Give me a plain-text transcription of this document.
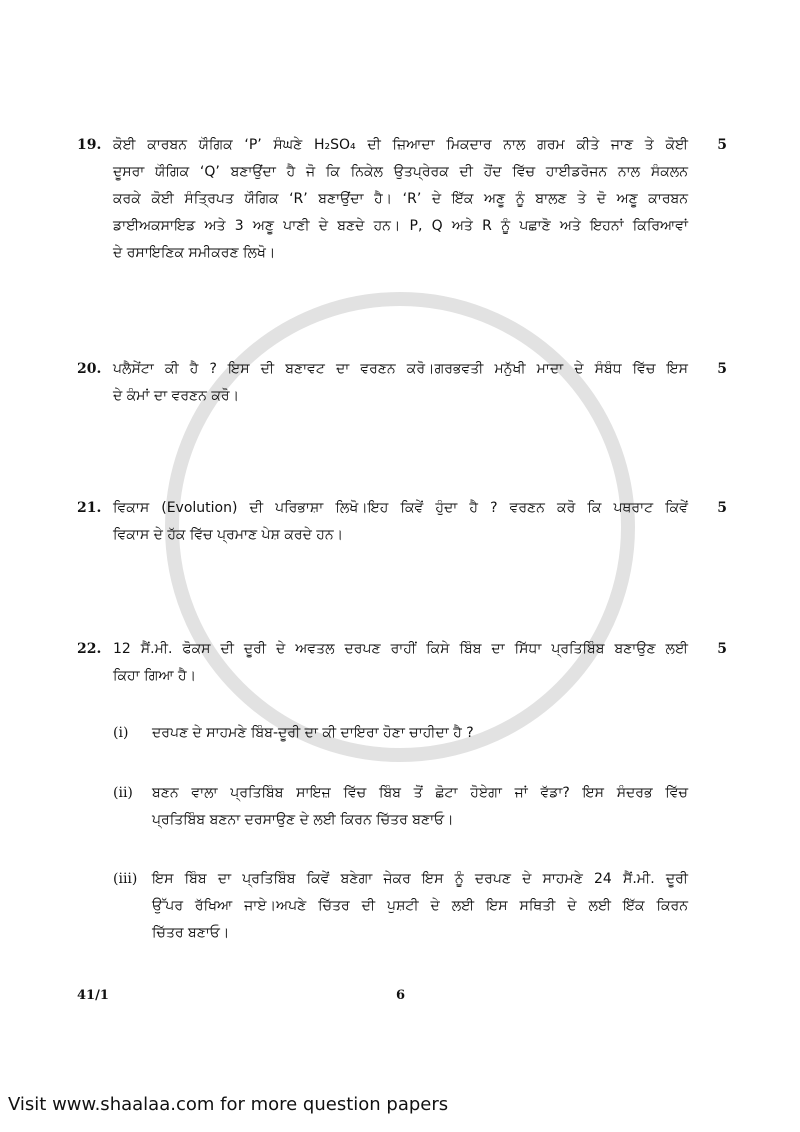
19. ਕੋਈ ਕਾਰਬਨ ਯੌਗਿਕ ‘P’ ਸੰਘਣੇ H₂SO₄ ਦੀ ਜ਼ਿਆਦਾ ਮਿਕਦਾਰ ਨਾਲ ਗਰਮ ਕੀਤੇ ਜਾਣ ਤੇ ਕੋਈ
ਦੂਸਰਾ ਯੌਗਿਕ ‘Q’ ਬਣਾਉਂਦਾ ਹੈ ਜੋ ਕਿ ਨਿਕੇਲ ਉਤਪ੍ਰੇਰਕ ਦੀ ਹੋਂਦ ਵਿੱਚ ਹਾਈਡਰੋਜਨ ਨਾਲ ਸੰਕਲਨ
ਕਰਕੇ ਕੋਈ ਸੰਤ੍ਰਿਪਤ ਯੌਗਿਕ ‘R’ ਬਣਾਉਂਦਾ ਹੈ। ‘R’ ਦੇ ਇੱਕ ਅਣੂ ਨੂੰ ਬਾਲਣ ਤੇ ਦੋ ਅਣੂ ਕਾਰਬਨ
ਡਾਈਅਕਸਾਇਡ ਅਤੇ 3 ਅਣੂ ਪਾਣੀ ਦੇ ਬਣਦੇ ਹਨ। P, Q ਅਤੇ R ਨੂੰ ਪਛਾਣੋ ਅਤੇ ਇਹਨਾਂ ਕਿਰਿਆਵਾਂ
ਦੇ ਰਸਾਇਣਿਕ ਸਮੀਕਰਣ ਲਿਖੋ।
5
20. ਪਲੈਸੇਂਟਾ ਕੀ ਹੈ ? ਇਸ ਦੀ ਬਣਾਵਟ ਦਾ ਵਰਣਨ ਕਰੋ।ਗਰਭਵਤੀ ਮਨੁੱਖੀ ਮਾਦਾ ਦੇ ਸੰਬੰਧ ਵਿੱਚ ਇਸ
ਦੇ ਕੰਮਾਂ ਦਾ ਵਰਣਨ ਕਰੋ।
5
21. ਵਿਕਾਸ (Evolution) ਦੀ ਪਰਿਭਾਸ਼ਾ ਲਿਖੋ।ਇਹ ਕਿਵੇਂ ਹੁੰਦਾ ਹੈ ? ਵਰਣਨ ਕਰੋ ਕਿ ਪਥਰਾਟ ਕਿਵੇਂ
ਵਿਕਾਸ ਦੇ ਹੱਕ ਵਿੱਚ ਪ੍ਰਮਾਣ ਪੇਸ਼ ਕਰਦੇ ਹਨ।
5
22. 12 ਸੈਂ.ਮੀ. ਫੋਕਸ ਦੀ ਦੂਰੀ ਦੇ ਅਵਤਲ ਦਰਪਣ ਰਾਹੀਂ ਕਿਸੇ ਬਿੰਬ ਦਾ ਸਿੱਧਾ ਪ੍ਰਤਿਬਿੰਬ ਬਣਾਉਣ ਲਈ
ਕਿਹਾ ਗਿਆ ਹੈ।
(i)	ਦਰਪਣ ਦੇ ਸਾਹਮਣੇ ਬਿੰਬ-ਦੂਰੀ ਦਾ ਕੀ ਦਾਇਰਾ ਹੋਣਾ ਚਾਹੀਦਾ ਹੈ ?
(ii)	ਬਣਨ ਵਾਲਾ ਪ੍ਰਤਿਬਿੰਬ ਸਾਇਜ਼ ਵਿੱਚ ਬਿੰਬ ਤੋਂ ਛੋਟਾ ਹੋਏਗਾ ਜਾਂ ਵੱਡਾ? ਇਸ ਸੰਦਰਭ ਵਿੱਚ
ਪ੍ਰਤਿਬਿੰਬ ਬਣਨਾ ਦਰਸਾਉਣ ਦੇ ਲਈ ਕਿਰਨ ਚਿੱਤਰ ਬਣਾਓ।
(iii)	ਇਸ ਬਿੰਬ ਦਾ ਪ੍ਰਤਿਬਿੰਬ ਕਿਵੇਂ ਬਣੇਗਾ ਜੇਕਰ ਇਸ ਨੂੰ ਦਰਪਣ ਦੇ ਸਾਹਮਣੇ 24 ਸੈਂ.ਮੀ. ਦੂਰੀ
ਉੱਪਰ ਰੱਖਿਆ ਜਾਏ।ਅਪਣੇ ਚਿੱਤਰ ਦੀ ਪੁਸ਼ਟੀ ਦੇ ਲਈ ਇਸ ਸਥਿਤੀ ਦੇ ਲਈ ਇੱਕ ਕਿਰਨ
ਚਿੱਤਰ ਬਣਾਓ।
5
41/1	6
Visit www.shaalaa.com for more question papers
